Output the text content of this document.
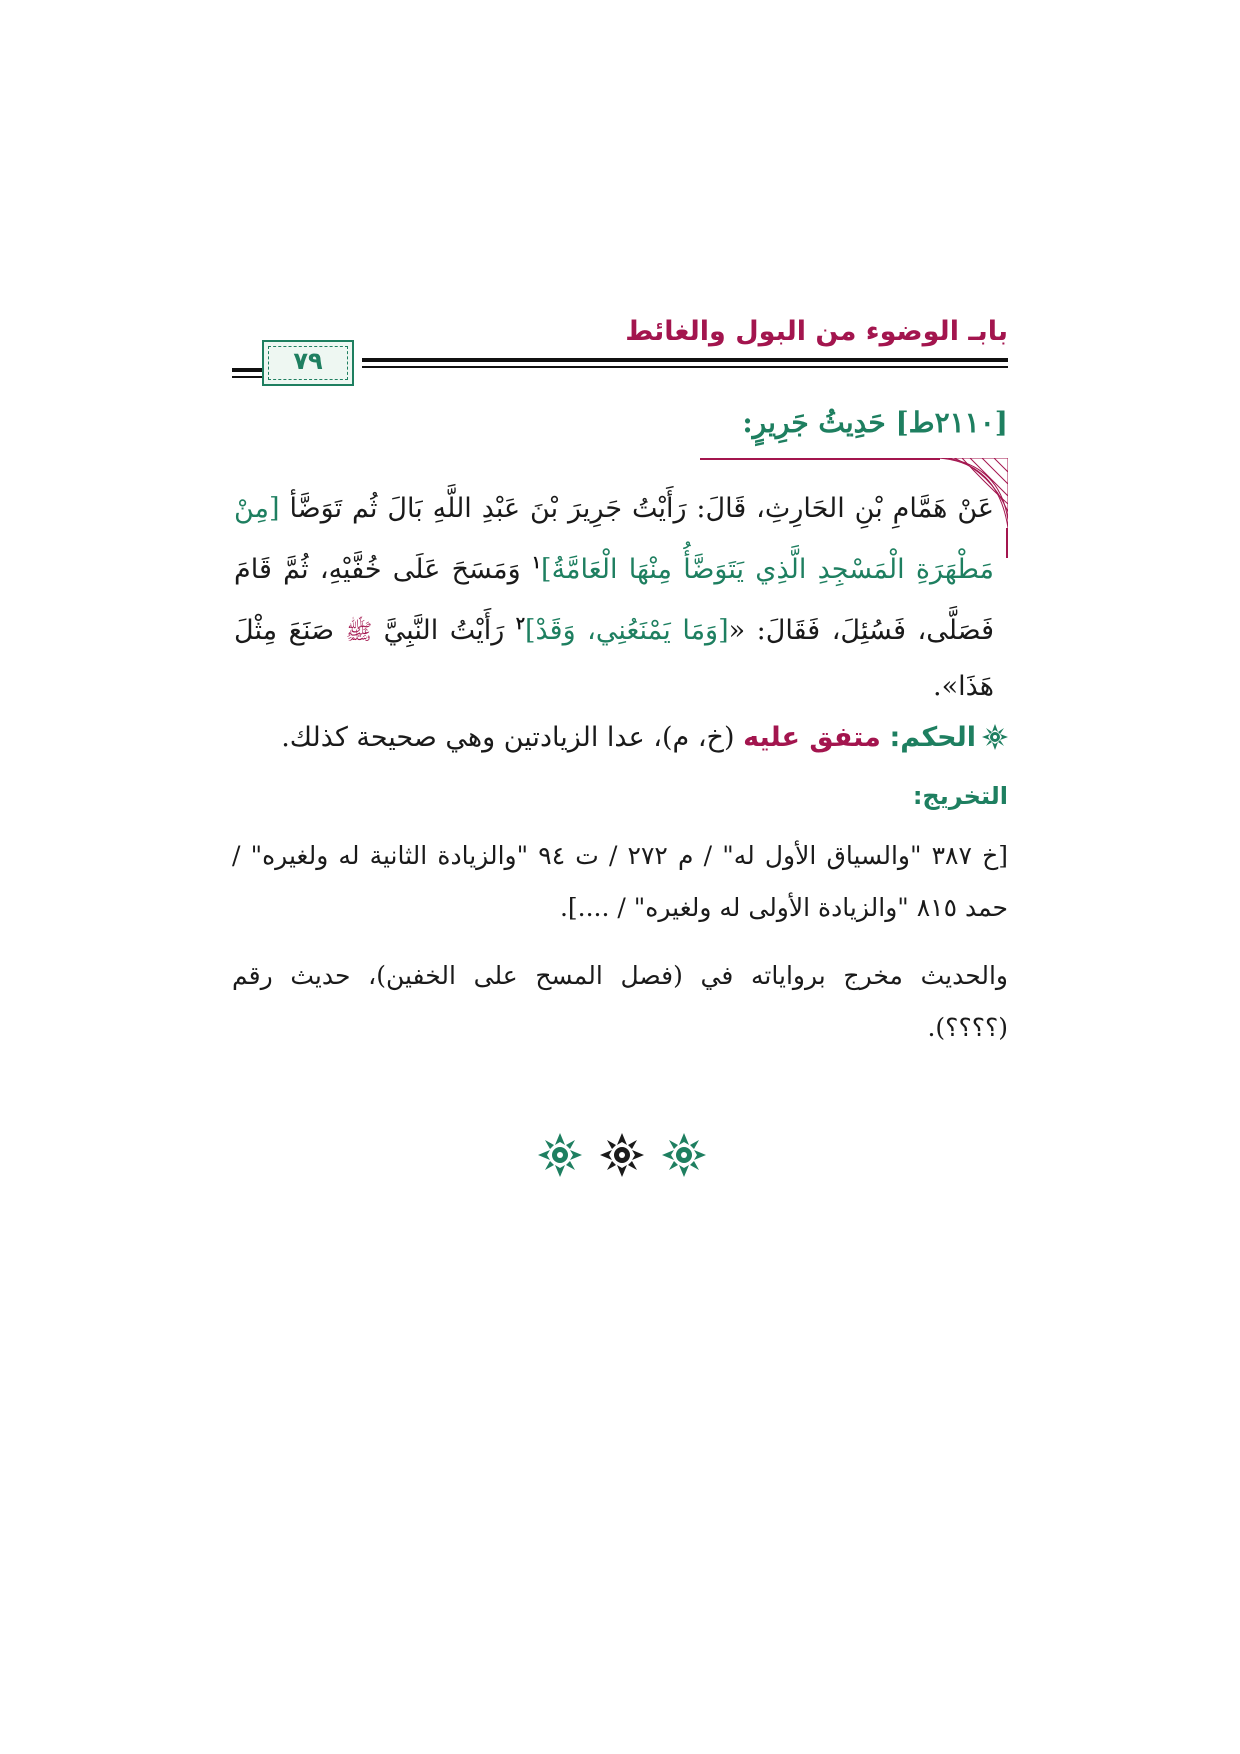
بابـ الوضوء من البول والغائط
٧٩
[٢١١٠ط] حَدِيثُ جَرِيرٍ:
عَنْ هَمَّامِ بْنِ الحَارِثِ، قَالَ: رَأَيْتُ جَرِيرَ بْنَ عَبْدِ اللَّهِ بَالَ ثُم تَوَضَّأ [مِنْ مَطْهَرَةِ الْمَسْجِدِ الَّذِي يَتَوَضَّأُ مِنْهَا الْعَامَّةُ]$^١$ وَمَسَحَ عَلَى خُفَّيْهِ، ثُمَّ قَامَ فَصَلَّى، فَسُئِلَ، فَقَالَ: «[وَمَا يَمْنَعُنِي، وَقَدْ]$^٢$ رَأَيْتُ النَّبِيَّ ﷺ صَنَعَ مِثْلَ هَذَا».
الحكم: متفق عليه (خ، م)، عدا الزيادتين وهي صحيحة كذلك.
التخريج:
[خ ٣٨٧ "والسياق الأول له" / م ٢٧٢ / ت ٩٤ "والزيادة الثانية له ولغيره" / حمد ٨١٥ "والزيادة الأولى له ولغيره" / ....].
والحديث مخرج برواياته في (فصل المسح على الخفين)، حديث رقم (؟؟؟؟).
